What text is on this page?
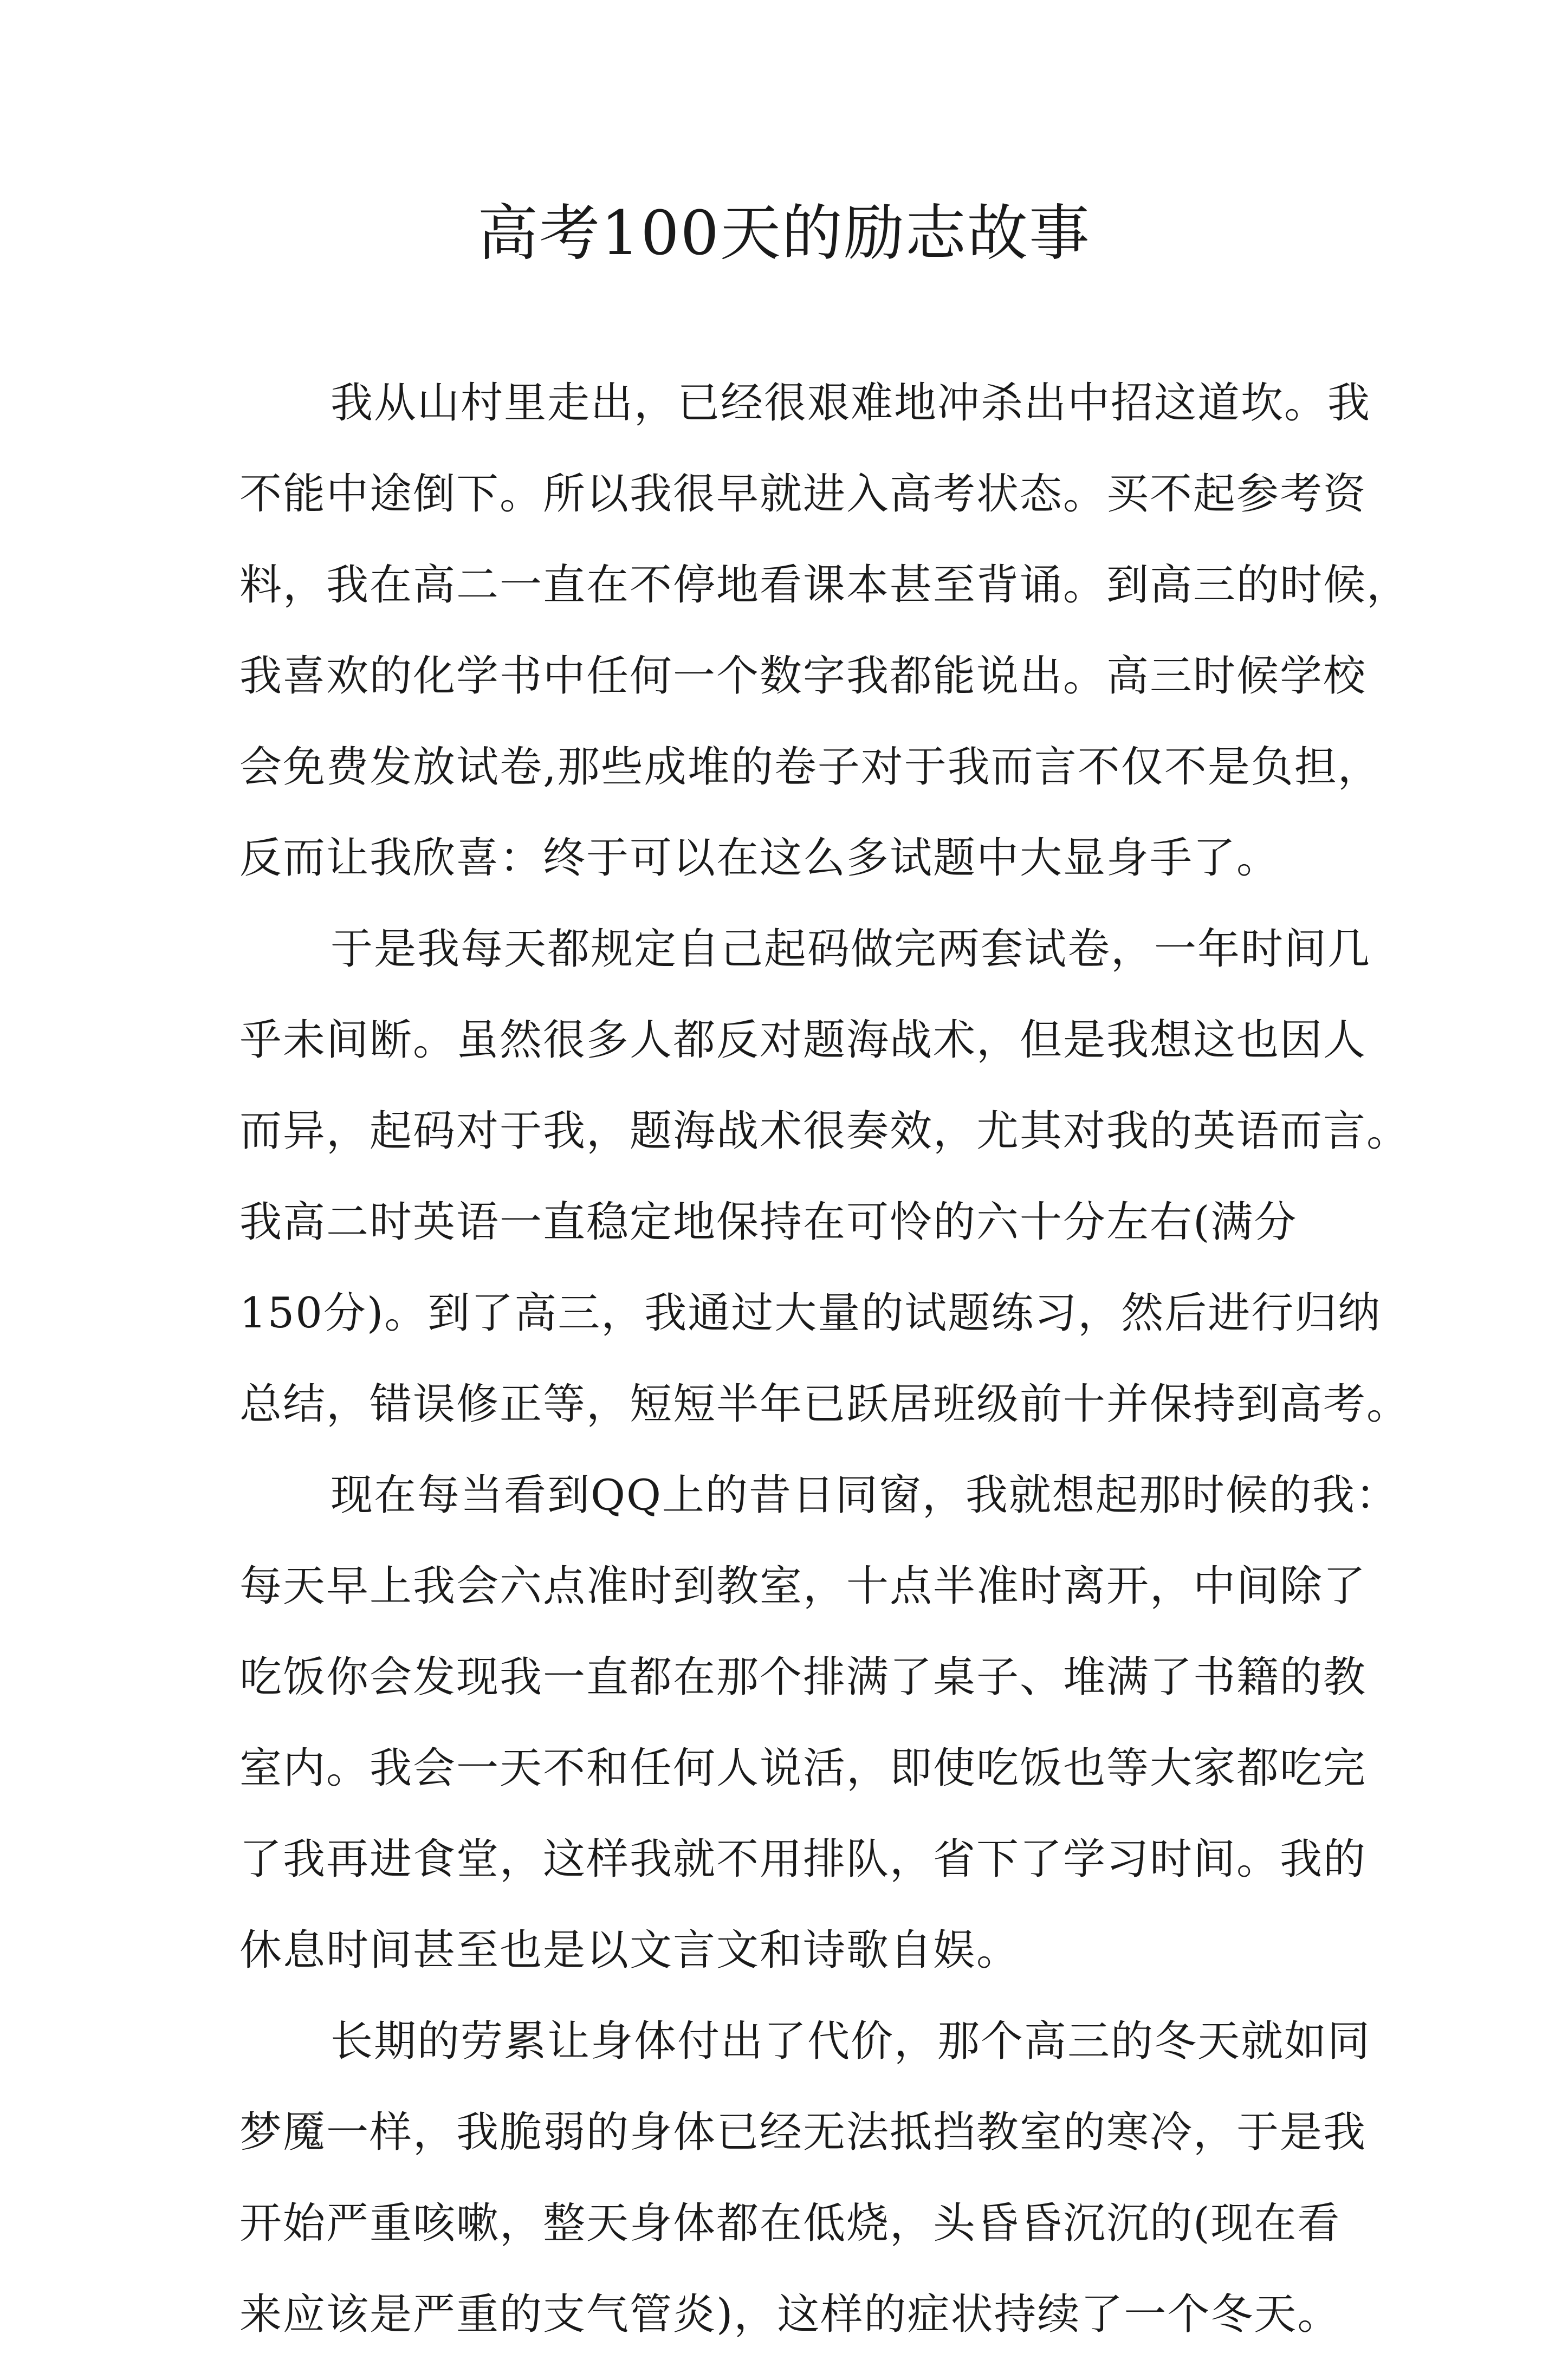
高考100天的励志故事
我从山村里走出，已经很艰难地冲杀出中招这道坎。我
不能中途倒下。所以我很早就进入高考状态。买不起参考资
料，我在高二一直在不停地看课本甚至背诵。到高三的时候，
我喜欢的化学书中任何一个数字我都能说出。高三时候学校
会免费发放试卷,那些成堆的卷子对于我而言不仅不是负担，
反而让我欣喜：终于可以在这么多试题中大显身手了。
于是我每天都规定自己起码做完两套试卷，一年时间几
乎未间断。虽然很多人都反对题海战术，但是我想这也因人
而异，起码对于我，题海战术很奏效，尤其对我的英语而言。
我高二时英语一直稳定地保持在可怜的六十分左右(满分
150分)。到了高三，我通过大量的试题练习，然后进行归纳
总结，错误修正等，短短半年已跃居班级前十并保持到高考。
现在每当看到QQ上的昔日同窗，我就想起那时候的我：
每天早上我会六点准时到教室，十点半准时离开，中间除了
吃饭你会发现我一直都在那个排满了桌子、堆满了书籍的教
室内。我会一天不和任何人说活，即使吃饭也等大家都吃完
了我再进食堂，这样我就不用排队，省下了学习时间。我的
休息时间甚至也是以文言文和诗歌自娱。
长期的劳累让身体付出了代价，那个高三的冬天就如同
梦魇一样，我脆弱的身体已经无法抵挡教室的寒冷，于是我
开始严重咳嗽，整天身体都在低烧，头昏昏沉沉的(现在看
来应该是严重的支气管炎)，这样的症状持续了一个冬天。
